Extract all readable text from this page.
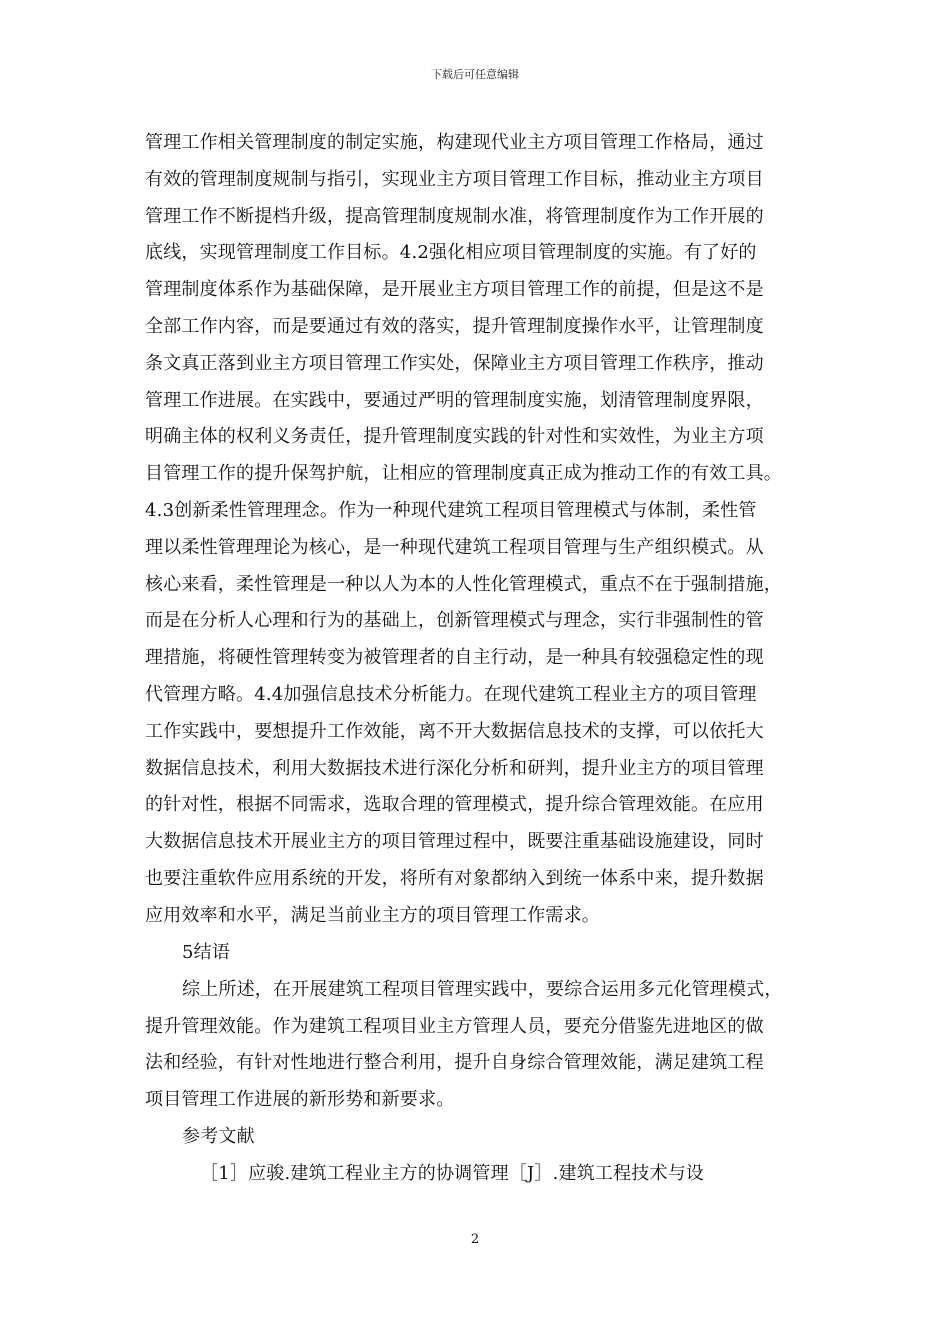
下载后可任意编辑
管理工作相关管理制度的制定实施，构建现代业主方项目管理工作格局，通过
有效的管理制度规制与指引，实现业主方项目管理工作目标，推动业主方项目
管理工作不断提档升级，提高管理制度规制水准，将管理制度作为工作开展的
底线，实现管理制度工作目标。4.2强化相应项目管理制度的实施。有了好的
管理制度体系作为基础保障，是开展业主方项目管理工作的前提，但是这不是
全部工作内容，而是要通过有效的落实，提升管理制度操作水平，让管理制度
条文真正落到业主方项目管理工作实处，保障业主方项目管理工作秩序，推动
管理工作进展。在实践中，要通过严明的管理制度实施，划清管理制度界限，
明确主体的权利义务责任，提升管理制度实践的针对性和实效性，为业主方项
目管理工作的提升保驾护航，让相应的管理制度真正成为推动工作的有效工具。
4.3创新柔性管理理念。作为一种现代建筑工程项目管理模式与体制，柔性管
理以柔性管理理论为核心，是一种现代建筑工程项目管理与生产组织模式。从
核心来看，柔性管理是一种以人为本的人性化管理模式，重点不在于强制措施，
而是在分析人心理和行为的基础上，创新管理模式与理念，实行非强制性的管
理措施，将硬性管理转变为被管理者的自主行动，是一种具有较强稳定性的现
代管理方略。4.4加强信息技术分析能力。在现代建筑工程业主方的项目管理
工作实践中，要想提升工作效能，离不开大数据信息技术的支撑，可以依托大
数据信息技术，利用大数据技术进行深化分析和研判，提升业主方的项目管理
的针对性，根据不同需求，选取合理的管理模式，提升综合管理效能。在应用
大数据信息技术开展业主方的项目管理过程中，既要注重基础设施建设，同时
也要注重软件应用系统的开发，将所有对象都纳入到统一体系中来，提升数据
应用效率和水平，满足当前业主方的项目管理工作需求。
5结语
综上所述，在开展建筑工程项目管理实践中，要综合运用多元化管理模式，
提升管理效能。作为建筑工程项目业主方管理人员，要充分借鉴先进地区的做
法和经验，有针对性地进行整合利用，提升自身综合管理效能，满足建筑工程
项目管理工作进展的新形势和新要求。
参考文献
［1］应骏.建筑工程业主方的协调管理［J］.建筑工程技术与设
2
